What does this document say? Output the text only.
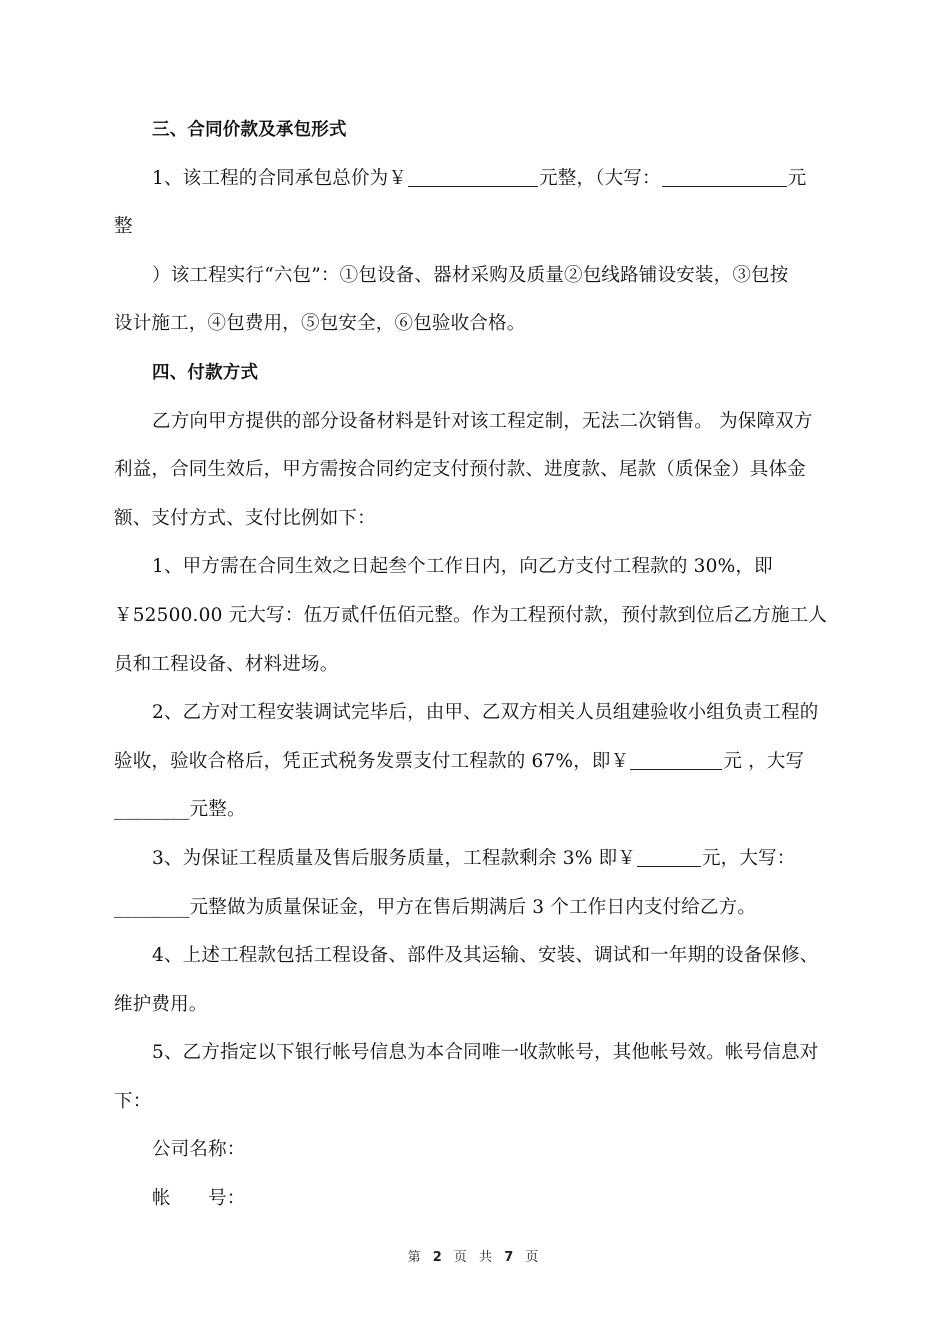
三、合同价款及承包形式
1、该工程的合同承包总价为￥	元整，（大写：	元
整
）该工程实行“六包”：①包设备、器材采购及质量②包线路铺设安装，③包按
设计施工，④包费用，⑤包安全，⑥包验收合格。
四、付款方式
乙方向甲方提供的部分设备材料是针对该工程定制，无法二次销售。 为保障双方
利益，合同生效后，甲方需按合同约定支付预付款、进度款、尾款（质保金）具体金
额、支付方式、支付比例如下：
1、甲方需在合同生效之日起叁个工作日内，向乙方支付工程款的 30%，即
￥52500.00 元大写：伍万贰仟伍佰元整。作为工程预付款，预付款到位后乙方施工人
员和工程设备、材料进场。
2、乙方对工程安装调试完毕后，由甲、乙双方相关人员组建验收小组负责工程的
验收，验收合格后，凭正式税务发票支付工程款的 67%，即￥	元 ，大写
________元整。
3、为保证工程质量及售后服务质量，工程款剩余 3% 即￥	元，大写：
________元整做为质量保证金，甲方在售后期满后 3 个工作日内支付给乙方。
4、上述工程款包括工程设备、部件及其运输、安装、调试和一年期的设备保修、
维护费用。
5、乙方指定以下银行帐号信息为本合同唯一收款帐号，其他帐号效。帐号信息对
下：
公司名称：
帐　　号：
第 2 页 共 7 页
